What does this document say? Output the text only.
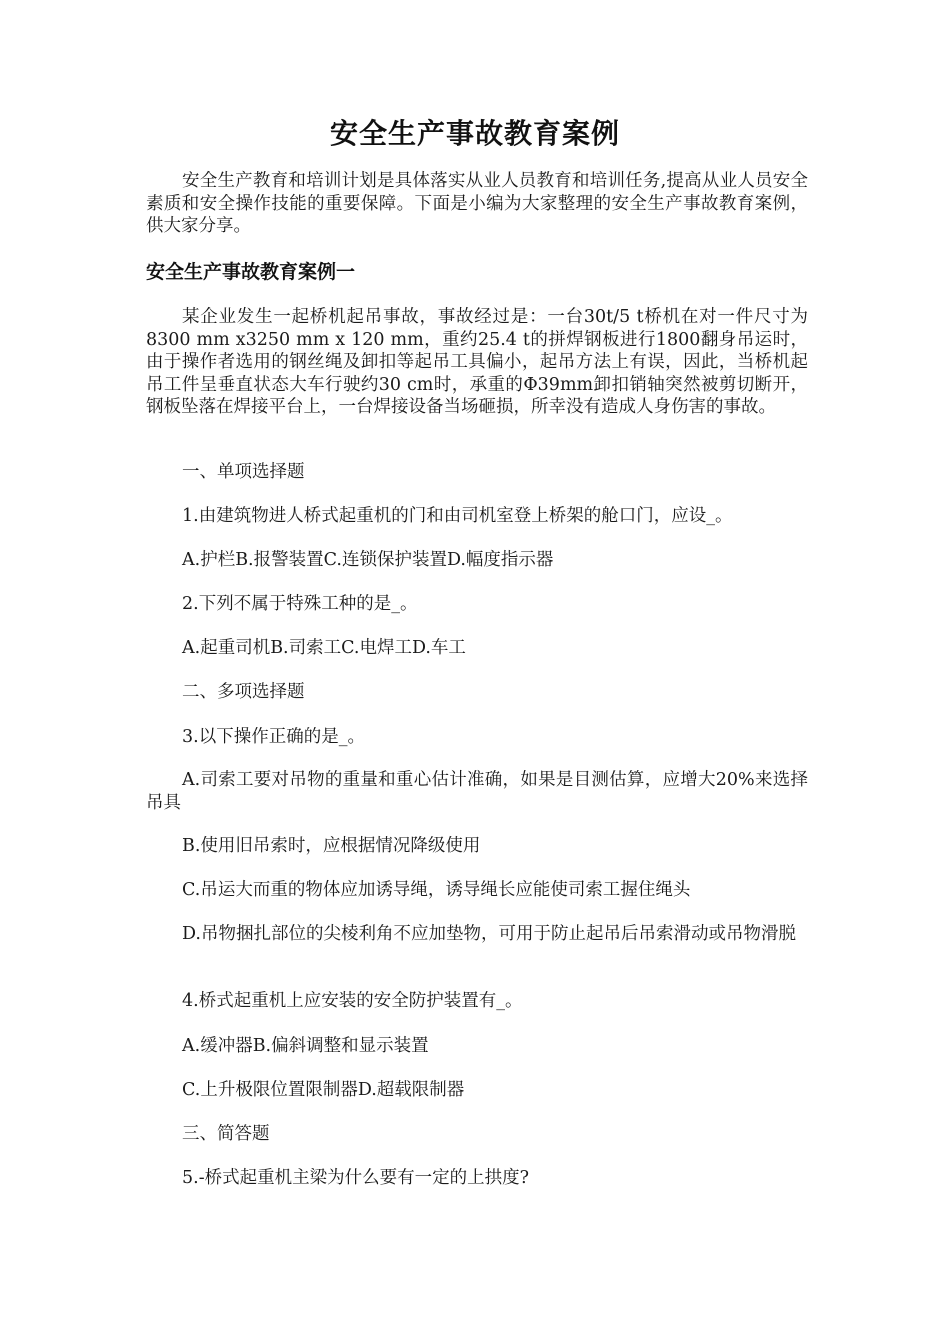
安全生产事故教育案例

安全生产教育和培训计划是具体落实从业人员教育和培训任务,提高从业人员安全素质和安全操作技能的重要保障。下面是小编为大家整理的安全生产事故教育案例，供大家分享。

安全生产事故教育案例一

某企业发生一起桥机起吊事故，事故经过是：一台30t/5 t桥机在对一件尺寸为8300 mm x3250 mm x 120 mm，重约25.4 t的拼焊钢板进行1800翻身吊运时，由于操作者选用的钢丝绳及卸扣等起吊工具偏小，起吊方法上有误，因此，当桥机起吊工件呈垂直状态大车行驶约30 cm时，承重的Φ39mm卸扣销轴突然被剪切断开，钢板坠落在焊接平台上，一台焊接设备当场砸损，所幸没有造成人身伤害的事故。

一、单项选择题

1.由建筑物进人桥式起重机的门和由司机室登上桥架的舱口门，应设_。

A.护栏B.报警装置C.连锁保护装置D.幅度指示器

2.下列不属于特殊工种的是_。

A.起重司机B.司索工C.电焊工D.车工

二、多项选择题

3.以下操作正确的是_。

A.司索工要对吊物的重量和重心估计准确，如果是目测估算，应增大20%来选择吊具

B.使用旧吊索时，应根据情况降级使用

C.吊运大而重的物体应加诱导绳，诱导绳长应能使司索工握住绳头

D.吊物捆扎部位的尖棱利角不应加垫物，可用于防止起吊后吊索滑动或吊物滑脱

4.桥式起重机上应安装的安全防护装置有_。

A.缓冲器B.偏斜调整和显示装置

C.上升极限位置限制器D.超载限制器

三、简答题

5.-桥式起重机主梁为什么要有一定的上拱度?
